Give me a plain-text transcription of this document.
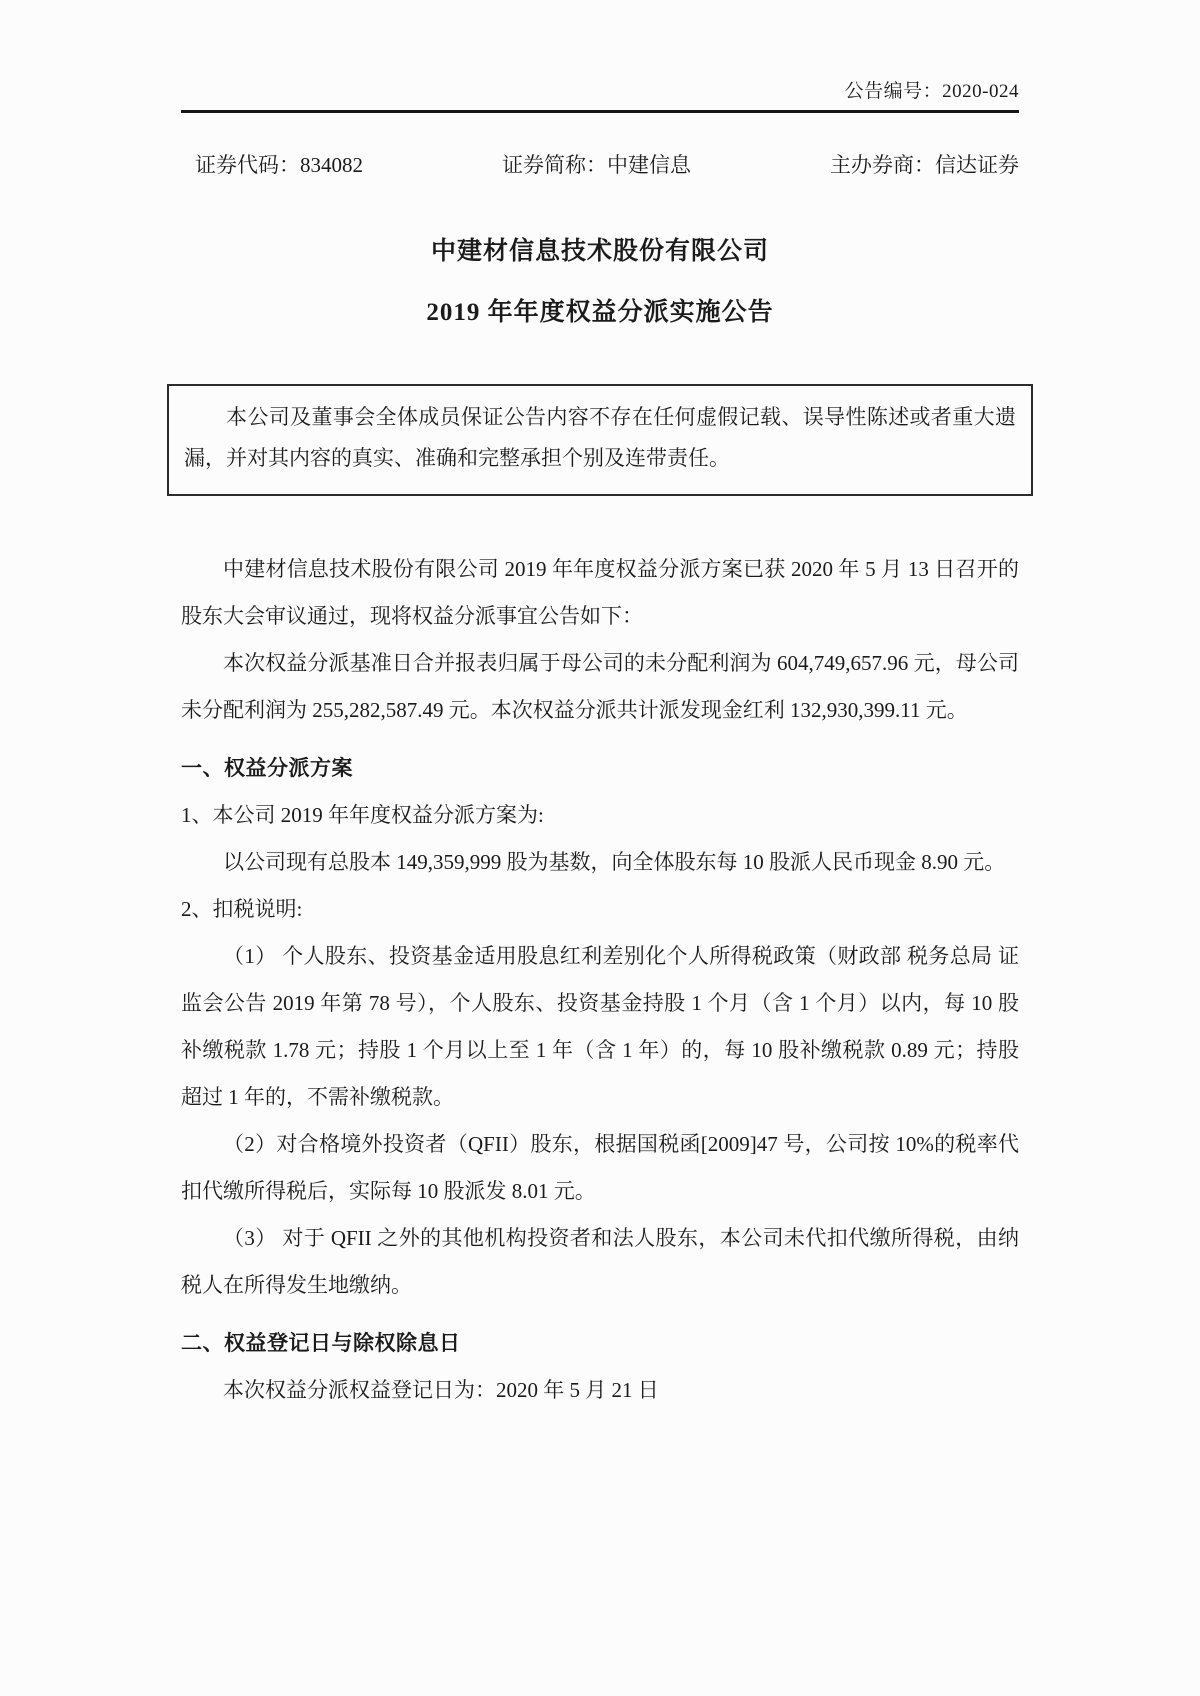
公告编号：2020-024
证券代码：834082	证券简称：中建信息	主办券商：信达证券
中建材信息技术股份有限公司
2019 年年度权益分派实施公告

本公司及董事会全体成员保证公告内容不存在任何虚假记载、误导性陈述或者重大遗漏，并对其内容的真实、准确和完整承担个别及连带责任。

中建材信息技术股份有限公司 2019 年年度权益分派方案已获 2020 年 5 月 13 日召开的股东大会审议通过，现将权益分派事宜公告如下：

本次权益分派基准日合并报表归属于母公司的未分配利润为 604,749,657.96 元，母公司未分配利润为 255,282,587.49 元。本次权益分派共计派发现金红利 132,930,399.11 元。

一、权益分派方案

1、本公司 2019 年年度权益分派方案为:

以公司现有总股本 149,359,999 股为基数，向全体股东每 10 股派人民币现金 8.90 元。

2、扣税说明:

（1） 个人股东、投资基金适用股息红利差别化个人所得税政策（财政部 税务总局 证监会公告 2019 年第 78 号），个人股东、投资基金持股 1 个月（含 1 个月）以内，每 10 股补缴税款 1.78 元；持股 1 个月以上至 1 年（含 1 年）的，每 10 股补缴税款 0.89 元；持股超过 1 年的，不需补缴税款。

（2）对合格境外投资者（QFII）股东，根据国税函[2009]47 号，公司按 10%的税率代扣代缴所得税后，实际每 10 股派发 8.01 元。

（3） 对于 QFII 之外的其他机构投资者和法人股东，本公司未代扣代缴所得税，由纳税人在所得发生地缴纳。

二、权益登记日与除权除息日

本次权益分派权益登记日为：2020 年 5 月 21 日
